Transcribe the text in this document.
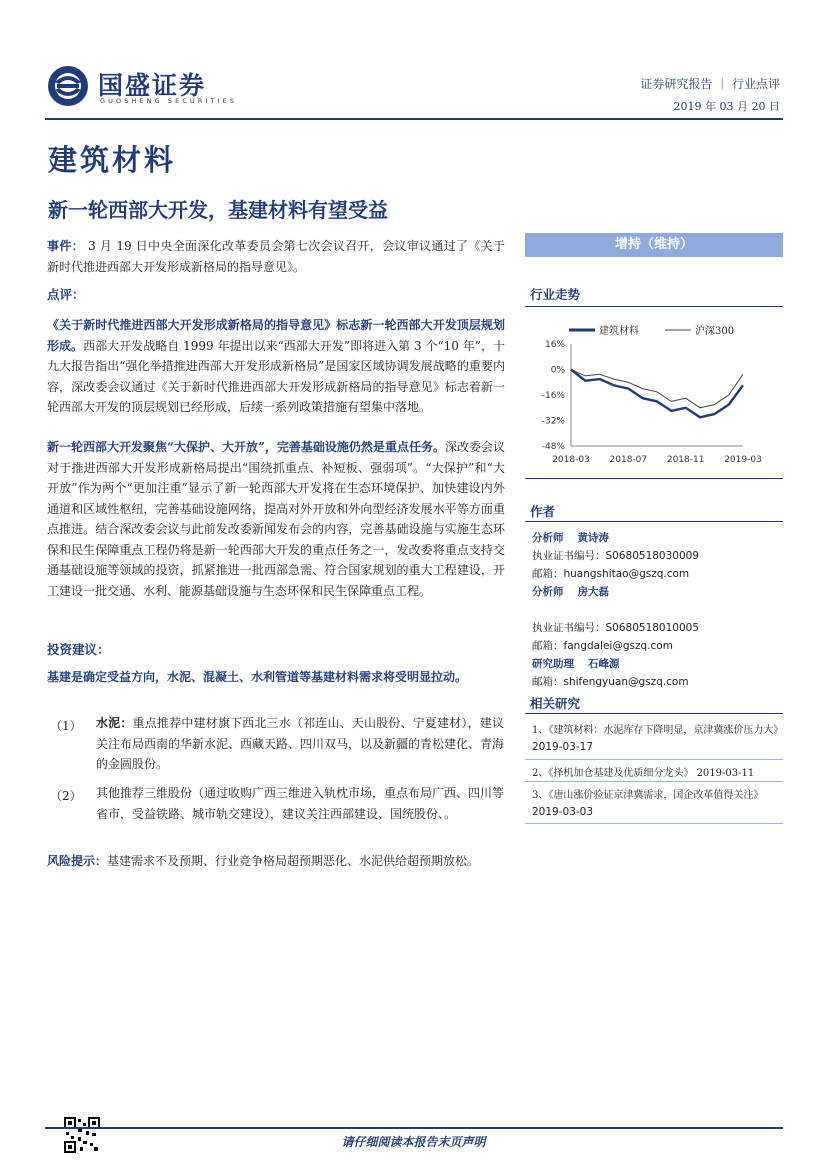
国盛证券
GUOSHENG SECURITIES
证券研究报告 ｜ 行业点评
2019 年 03 月 20 日
建筑材料
新一轮西部大开发，基建材料有望受益
事件： 3 月 19 日中央全面深化改革委员会第七次会议召开，会议审议通过了《关于新时代推进西部大开发形成新格局的指导意见》。
点评：
《关于新时代推进西部大开发形成新格局的指导意见》标志新一轮西部大开发顶层规划形成。西部大开发战略自 1999 年提出以来“西部大开发”即将进入第 3 个“10 年”，十九大报告指出“强化举措推进西部大开发形成新格局”是国家区域协调发展战略的重要内容，深改委会议通过《关于新时代推进西部大开发形成新格局的指导意见》标志着新一轮西部大开发的顶层规划已经形成，后续一系列政策措施有望集中落地。
新一轮西部大开发聚焦“大保护、大开放”，完善基础设施仍然是重点任务。深改委会议对于推进西部大开发形成新格局提出“围绕抓重点、补短板、强弱项”。“大保护”和“大开放”作为两个“更加注重”显示了新一轮西部大开发将在生态环境保护、加快建设内外通道和区域性枢纽，完善基础设施网络，提高对外开放和外向型经济发展水平等方面重点推进。结合深改委会议与此前发改委新闻发布会的内容，完善基础设施与实施生态环保和民生保障重点工程仍将是新一轮西部大开发的重点任务之一，发改委将重点支持交通基础设施等领域的投资，抓紧推进一批西部急需、符合国家规划的重大工程建设，开工建设一批交通、水利、能源基础设施与生态环保和民生保障重点工程。
投资建议：
基建是确定受益方向，水泥、混凝土、水利管道等基建材料需求将受明显拉动。
（1） 水泥：重点推荐中建材旗下西北三水（祁连山、天山股份、宁夏建材），建议关注布局西南的华新水泥、西藏天路、四川双马，以及新疆的青松建化、青海的金圆股份。
（2） 其他推荐三维股份（通过收购广西三维进入轨枕市场，重点布局广西、四川等省市，受益铁路、城市轨交建设），建议关注西部建设、国统股份、。
风险提示：基建需求不及预期、行业竞争格局超预期恶化、水泥供给超预期放松。
增持（维持）
行业走势
16%
0%
-16%
-32%
-48%
2018-03 2018-07 2018-11 2019-03
建筑材料	沪深300
作者
分析师 黄诗涛
执业证书编号：S0680518030009
邮箱：huangshitao@gszq.com
分析师 房大磊
执业证书编号：S0680518010005
邮箱：fangdalei@gszq.com
研究助理 石峰源
邮箱：shifengyuan@gszq.com
相关研究
1、《建筑材料：水泥库存下降明显，京津冀涨价压力大》
2019-03-17
2、《择机加仓基建及优质细分龙头》 2019-03-11
3、《唐山涨价验证京津冀需求，国企改革值得关注》
2019-03-03
请仔细阅读本报告末页声明
